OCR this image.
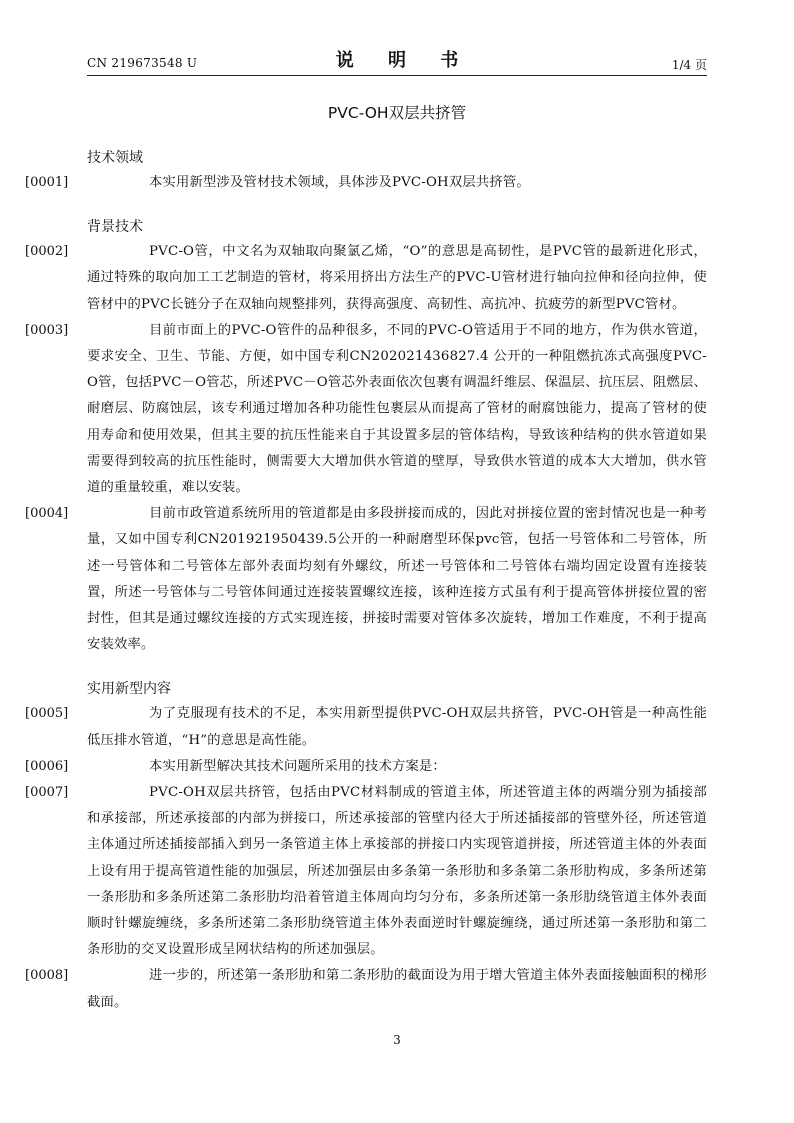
CN 219673548 U	说 明 书	1/4 页
PVC-OH双层共挤管
技术领域
[0001]	本实用新型涉及管材技术领域，具体涉及PVC-OH双层共挤管。
背景技术
[0002]	PVC-O管，中文名为双轴取向聚氯乙烯，“O”的意思是高韧性，是PVC管的最新进化形式，通过特殊的取向加工工艺制造的管材，将采用挤出方法生产的PVC-U管材进行轴向拉伸和径向拉伸，使管材中的PVC长链分子在双轴向规整排列，获得高强度、高韧性、高抗冲、抗疲劳的新型PVC管材。
[0003]	目前市面上的PVC-O管件的品种很多，不同的PVC-O管适用于不同的地方，作为供水管道，要求安全、卫生、节能、方便，如中国专利CN202021436827.4 公开的一种阻燃抗冻式高强度PVC-O管，包括PVC－O管芯，所述PVC－O管芯外表面依次包裹有调温纤维层、保温层、抗压层、阻燃层、耐磨层、防腐蚀层，该专利通过增加各种功能性包裹层从而提高了管材的耐腐蚀能力，提高了管材的使用寿命和使用效果，但其主要的抗压性能来自于其设置多层的管体结构，导致该种结构的供水管道如果需要得到较高的抗压性能时，侧需要大大增加供水管道的壁厚，导致供水管道的成本大大增加，供水管道的重量较重，难以安装。
[0004]	目前市政管道系统所用的管道都是由多段拼接而成的，因此对拼接位置的密封情况也是一种考量，又如中国专利CN201921950439.5公开的一种耐磨型环保pvc管，包括一号管体和二号管体，所述一号管体和二号管体左部外表面均刻有外螺纹，所述一号管体和二号管体右端均固定设置有连接装置，所述一号管体与二号管体间通过连接装置螺纹连接，该种连接方式虽有利于提高管体拼接位置的密封性，但其是通过螺纹连接的方式实现连接，拼接时需要对管体多次旋转，增加工作难度，不利于提高安装效率。
实用新型内容
[0005]	为了克服现有技术的不足，本实用新型提供PVC-OH双层共挤管，PVC-OH管是一种高性能低压排水管道，“H”的意思是高性能。
[0006]	本实用新型解决其技术问题所采用的技术方案是：
[0007]	PVC-OH双层共挤管，包括由PVC材料制成的管道主体，所述管道主体的两端分别为插接部和承接部，所述承接部的内部为拼接口，所述承接部的管壁内径大于所述插接部的管壁外径，所述管道主体通过所述插接部插入到另一条管道主体上承接部的拼接口内实现管道拼接，所述管道主体的外表面上设有用于提高管道性能的加强层，所述加强层由多条第一条形肋和多条第二条形肋构成，多条所述第一条形肋和多条所述第二条形肋均沿着管道主体周向均匀分布，多条所述第一条形肋绕管道主体外表面顺时针螺旋缠绕，多条所述第二条形肋绕管道主体外表面逆时针螺旋缠绕，通过所述第一条形肋和第二条形肋的交叉设置形成呈网状结构的所述加强层。
[0008]	进一步的，所述第一条形肋和第二条形肋的截面设为用于增大管道主体外表面接触面积的梯形截面。
3
